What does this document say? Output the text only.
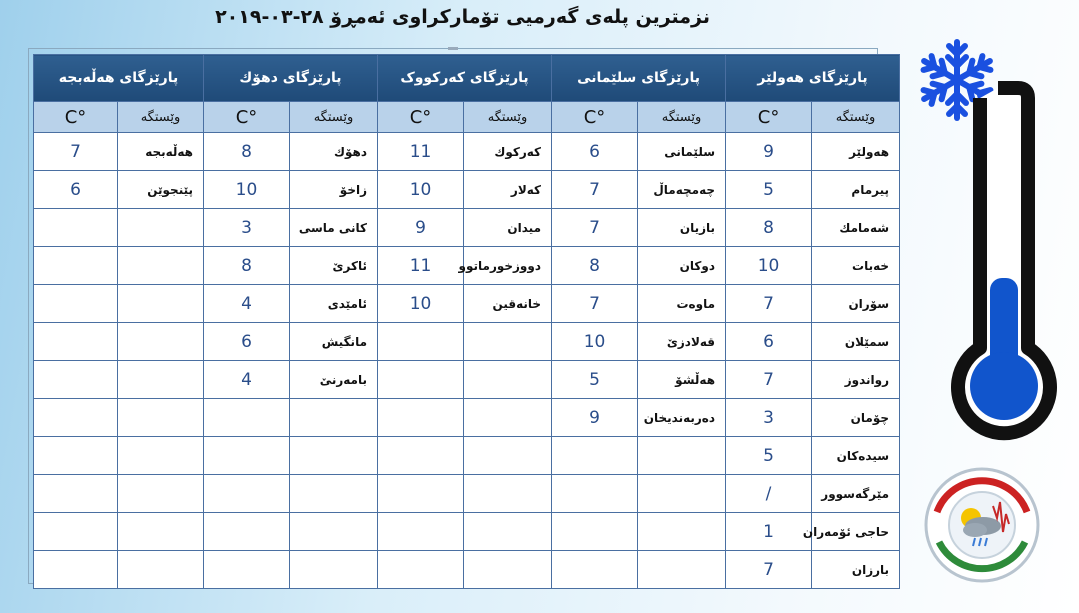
نزمترین پلەی گەرمیی تۆمارکراوی ئەمڕۆ ٢٨-٠٣-٢٠١٩
پارێزگای هەولێر		پارێزگای سلێمانی		پارێزگای کەرکووک		پارێزگای دهۆك		پارێزگای هەڵەبجە	
وێستگە	°C	وێستگە	°C	وێستگە	°C	وێستگە	°C	وێستگە	°C
هەولێر	9	سلێمانی	6	کەرکوك	11	دهۆك	8	هەڵەبجە	7
پیرمام	5	چەمچەماڵ	7	کەلار	10	زاخۆ	10	پێنجوێن	6
شەمامك	8	بازیان	7	میدان	9	کانی ماسی	3		
خەبات	10	دوکان	8	دووزخورماتوو	11	ئاکرێ	8		
سۆران	7	ماوەت	7	خانەقین	10	ئامێدی	4		
سمێلان	6	قەلادزێ	10			مانگیش	6		
رواندوز	7	هەڵشۆ	5			بامەرنێ	4		
چۆمان	3	دەربەندیخان	9						
سیدەکان	5								
مێرگەسوور	/								
حاجی ئۆمەران	1								
بارزان	7								
